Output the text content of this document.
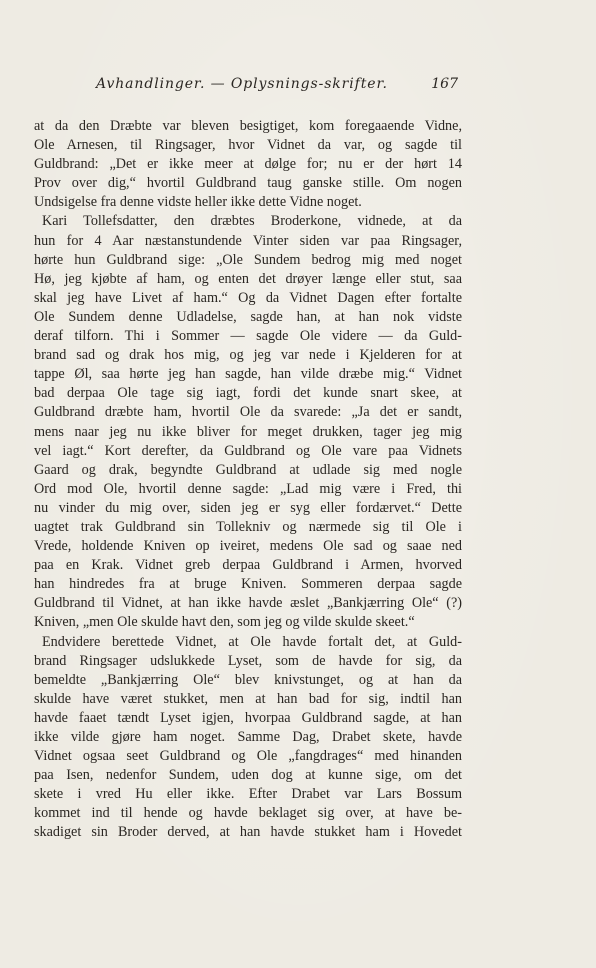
Avhandlinger. — Oplysnings-skrifter.	167
at da den Dræbte var bleven besigtiget, kom foregaaende Vidne,
Ole Arnesen, til Ringsager, hvor Vidnet da var, og sagde til
Guldbrand: „Det er ikke meer at dølge for; nu er der hørt 14
Prov over dig,“ hvortil Guldbrand taug ganske stille. Om nogen
Undsigelse fra denne vidste heller ikke dette Vidne noget.
Kari Tollefsdatter, den dræbtes Broderkone, vidnede, at da
hun for 4 Aar næstanstundende Vinter siden var paa Ringsager,
hørte hun Guldbrand sige: „Ole Sundem bedrog mig med noget
Hø, jeg kjøbte af ham, og enten det drøyer længe eller stut, saa
skal jeg have Livet af ham.“ Og da Vidnet Dagen efter fortalte
Ole Sundem denne Udladelse, sagde han, at han nok vidste
deraf tilforn. Thi i Sommer — sagde Ole videre — da Guld-
brand sad og drak hos mig, og jeg var nede i Kjelderen for at
tappe Øl, saa hørte jeg han sagde, han vilde dræbe mig.“ Vidnet
bad derpaa Ole tage sig iagt, fordi det kunde snart skee, at
Guldbrand dræbte ham, hvortil Ole da svarede: „Ja det er sandt,
mens naar jeg nu ikke bliver for meget drukken, tager jeg mig
vel iagt.“ Kort derefter, da Guldbrand og Ole vare paa Vidnets
Gaard og drak, begyndte Guldbrand at udlade sig med nogle
Ord mod Ole, hvortil denne sagde: „Lad mig være i Fred, thi
nu vinder du mig over, siden jeg er syg eller fordærvet.“ Dette
uagtet trak Guldbrand sin Tollekniv og nærmede sig til Ole i
Vrede, holdende Kniven op iveiret, medens Ole sad og saae ned
paa en Krak. Vidnet greb derpaa Guldbrand i Armen, hvorved
han hindredes fra at bruge Kniven. Sommeren derpaa sagde
Guldbrand til Vidnet, at han ikke havde æslet „Bankjærring Ole“ (?)
Kniven, „men Ole skulde havt den, som jeg og vilde skulde skeet.“
Endvidere berettede Vidnet, at Ole havde fortalt det, at Guld-
brand Ringsager udslukkede Lyset, som de havde for sig, da
bemeldte „Bankjærring Ole“ blev knivstunget, og at han da
skulde have været stukket, men at han bad for sig, indtil han
havde faaet tændt Lyset igjen, hvorpaa Guldbrand sagde, at han
ikke vilde gjøre ham noget. Samme Dag, Drabet skete, havde
Vidnet ogsaa seet Guldbrand og Ole „fangdrages“ med hinanden
paa Isen, nedenfor Sundem, uden dog at kunne sige, om det
skete i vred Hu eller ikke. Efter Drabet var Lars Bossum
kommet ind til hende og havde beklaget sig over, at have be-
skadiget sin Broder derved, at han havde stukket ham i Hovedet
